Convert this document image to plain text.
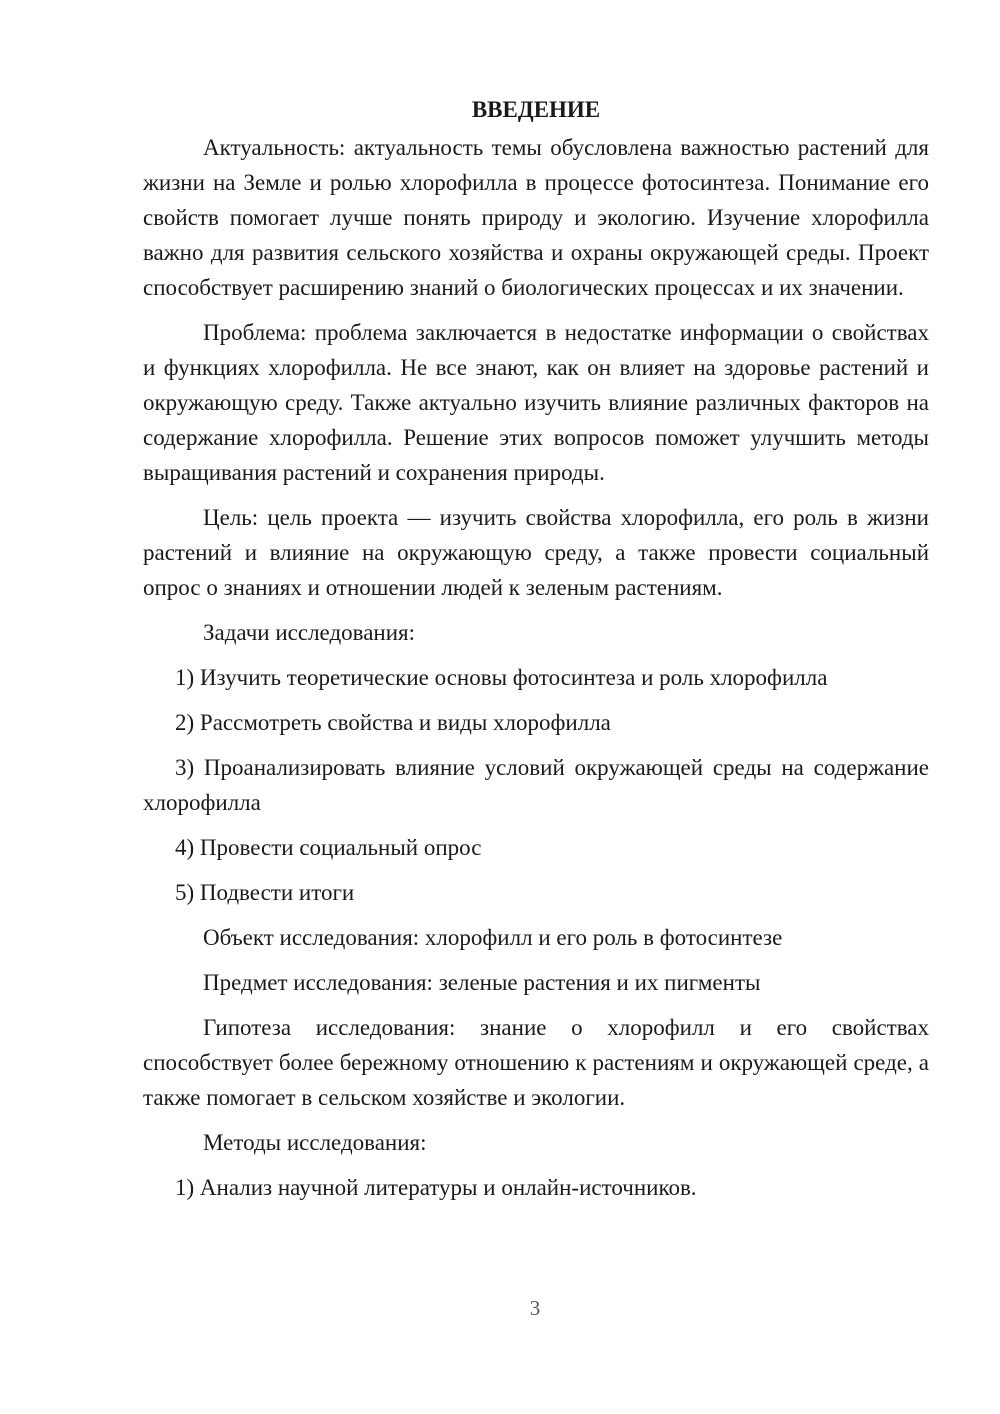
ВВЕДЕНИЕ

Актуальность: актуальность темы обусловлена важностью растений для жизни на Земле и ролью хлорофилла в процессе фотосинтеза. Понимание его свойств помогает лучше понять природу и экологию. Изучение хлорофилла важно для развития сельского хозяйства и охраны окружающей среды. Проект способствует расширению знаний о биологических процессах и их значении.

Проблема: проблема заключается в недостатке информации о свойствах и функциях хлорофилла. Не все знают, как он влияет на здоровье растений и окружающую среду. Также актуально изучить влияние различных факторов на содержание хлорофилла. Решение этих вопросов поможет улучшить методы выращивания растений и сохранения природы.

Цель: цель проекта — изучить свойства хлорофилла, его роль в жизни растений и влияние на окружающую среду, а также провести социальный опрос о знаниях и отношении людей к зеленым растениям.

Задачи исследования:

1) Изучить теоретические основы фотосинтеза и роль хлорофилла

2) Рассмотреть свойства и виды хлорофилла

3) Проанализировать влияние условий окружающей среды на содержание хлорофилла

4) Провести социальный опрос

5) Подвести итоги

Объект исследования: хлорофилл и его роль в фотосинтезе

Предмет исследования: зеленые растения и их пигменты

Гипотеза исследования: знание о хлорофилл и его свойствах способствует более бережному отношению к растениям и окружающей среде, а также помогает в сельском хозяйстве и экологии.

Методы исследования:

1) Анализ научной литературы и онлайн-источников.

3
